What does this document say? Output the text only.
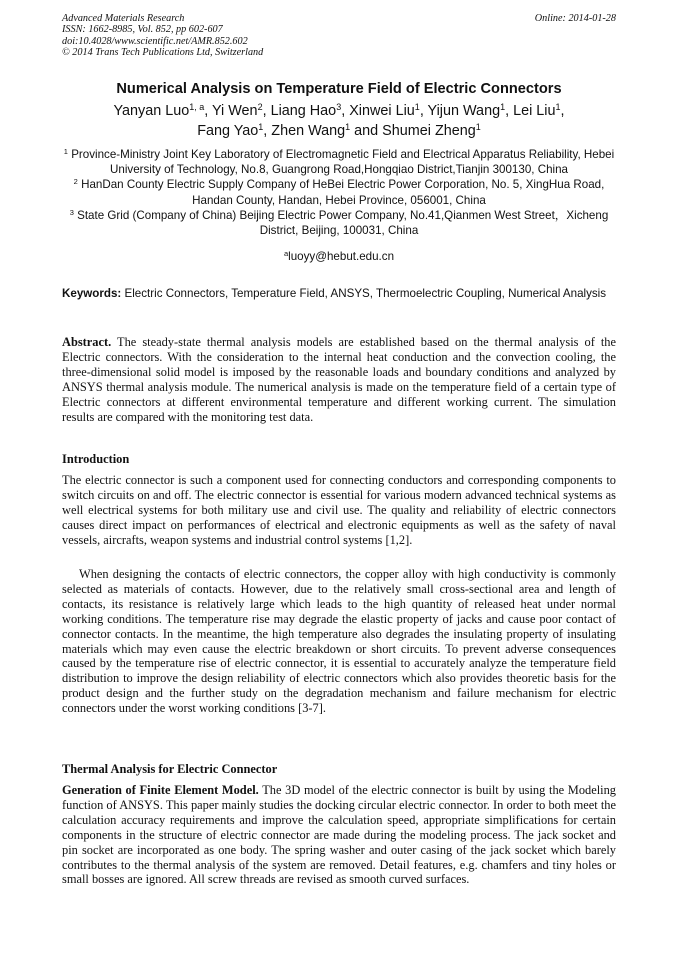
Advanced Materials Research
ISSN: 1662-8985, Vol. 852, pp 602-607
doi:10.4028/www.scientific.net/AMR.852.602
© 2014 Trans Tech Publications Ltd, Switzerland
Online: 2014-01-28
Numerical Analysis on Temperature Field of Electric Connectors
Yanyan Luo$^{1, a}$, Yi Wen$^2$, Liang Hao$^3$, Xinwei Liu$^1$, Yijun Wang$^1$, Lei Liu$^1$,
Fang Yao$^1$, Zhen Wang$^1$ and Shumei Zheng$^1$
$^1$ Province-Ministry Joint Key Laboratory of Electromagnetic Field and Electrical Apparatus Reliability, Hebei University of Technology, No.8, Guangrong Road,Hongqiao District,Tianjin 300130, China
$^2$ HanDan County Electric Supply Company of HeBei Electric Power Corporation, No. 5, XingHua Road, Handan County, Handan, Hebei Province, 056001, China
$^3$ State Grid (Company of China) Beijing Electric Power Company, No.41,Qianmen West Street，Xicheng District, Beijing, 100031, China
$^a$luoyy@hebut.edu.cn
Keywords: Electric Connectors, Temperature Field, ANSYS, Thermoelectric Coupling, Numerical Analysis
Abstract. The steady-state thermal analysis models are established based on the thermal analysis of the Electric connectors. With the consideration to the internal heat conduction and the convection cooling, the three-dimensional solid model is imposed by the reasonable loads and boundary conditions and analyzed by ANSYS thermal analysis module. The numerical analysis is made on the temperature field of a certain type of Electric connectors at different environmental temperature and different working current. The simulation results are compared with the monitoring test data.
Introduction
The electric connector is such a component used for connecting conductors and corresponding components to switch circuits on and off. The electric connector is essential for various modern advanced technical systems as well electrical systems for both military use and civil use. The quality and reliability of electric connectors causes direct impact on performances of electrical and electronic equipments as well as the safety of naval vessels, aircrafts, weapon systems and industrial control systems [1,2].
When designing the contacts of electric connectors, the copper alloy with high conductivity is commonly selected as materials of contacts. However, due to the relatively small cross-sectional area and length of contacts, its resistance is relatively large which leads to the high quantity of released heat under normal working conditions. The temperature rise may degrade the elastic property of jacks and cause poor contact of connector contacts. In the meantime, the high temperature also degrades the insulating property of insulating materials which may even cause the electric breakdown or short circuits. To prevent adverse consequences caused by the temperature rise of electric connector, it is essential to accurately analyze the temperature field distribution to improve the design reliability of electric connectors which also provides theoretic basis for the product design and the further study on the degradation mechanism and failure mechanism for electric connectors under the worst working conditions [3-7].
Thermal Analysis for Electric Connector
Generation of Finite Element Model. The 3D model of the electric connector is built by using the Modeling function of ANSYS. This paper mainly studies the docking circular electric connector. In order to both meet the calculation accuracy requirements and improve the calculation speed, appropriate simplifications for certain components in the structure of electric connector are made during the modeling process. The jack socket and pin socket are incorporated as one body. The spring washer and outer casing of the jack socket which barely contributes to the thermal analysis of the system are removed. Detail features, e.g. chamfers and tiny holes or small bosses are ignored. All screw threads are revised as smooth curved surfaces.
